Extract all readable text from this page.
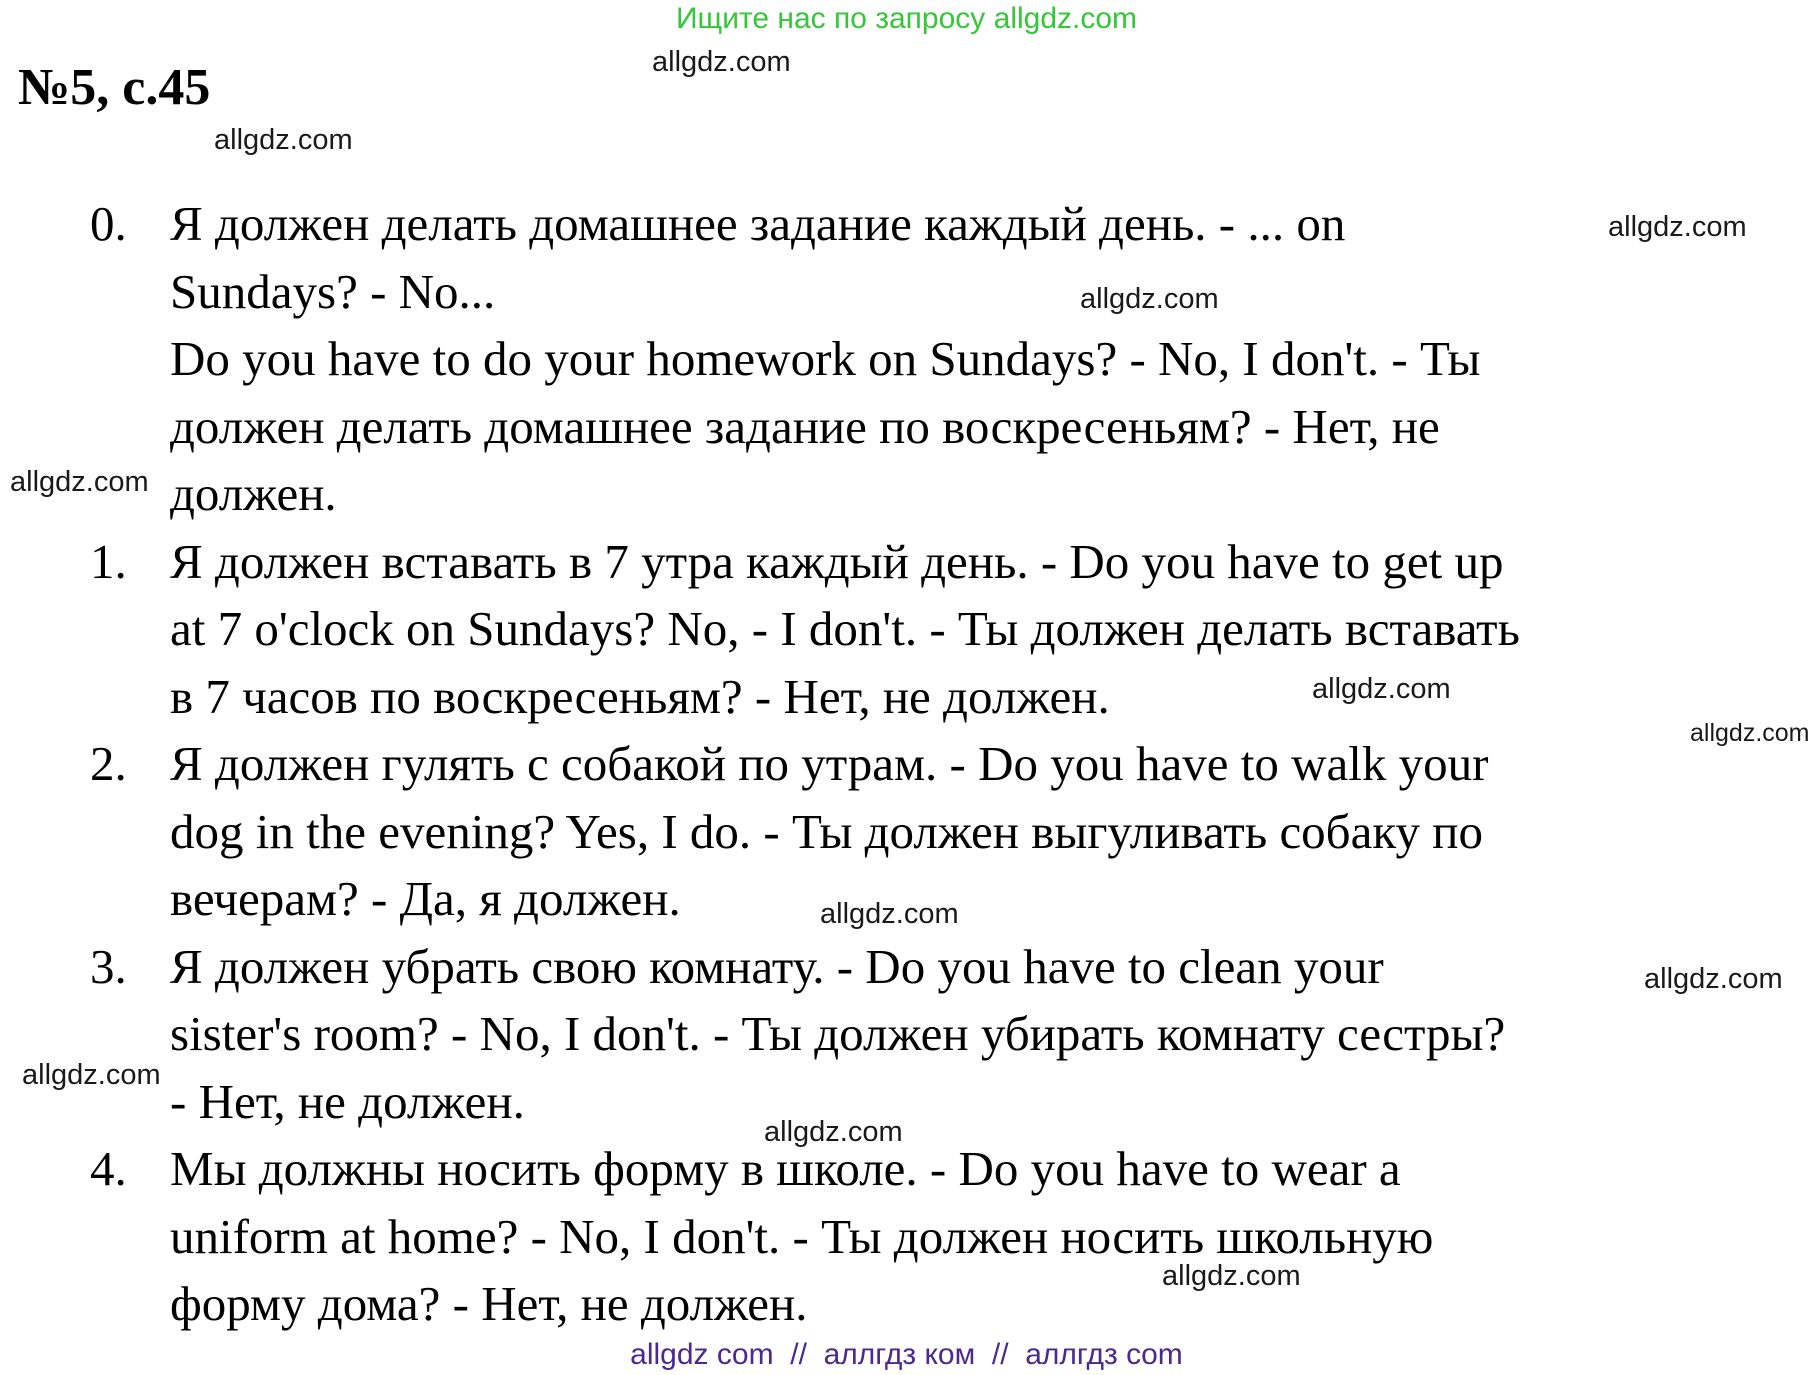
Ищите нас по запросу allgdz.com
№5, с.45	allgdz.com
allgdz.com
allgdz.com
allgdz.com
allgdz.com
allgdz.com
allgdz.com
allgdz.com
allgdz.com
allgdz.com
allgdz.com
allgdz.com
0. Я должен делать домашнее задание каждый день. - ... on
Sundays? - No...
Do you have to do your homework on Sundays? - No, I don't. - Ты
должен делать домашнее задание по воскресеньям? - Нет, не
должен.
1. Я должен вставать в 7 утра каждый день. - Do you have to get up
at 7 o'clock on Sundays? No, - I don't. - Ты должен делать вставать
в 7 часов по воскресеньям? - Нет, не должен.
2. Я должен гулять с собакой по утрам. - Do you have to walk your
dog in the evening? Yes, I do. - Ты должен выгуливать собаку по
вечерам? - Да, я должен.
3. Я должен убрать свою комнату. - Do you have to clean your
sister's room? - No, I don't. - Ты должен убирать комнату сестры?
- Нет, не должен.
4. Мы должны носить форму в школе. - Do you have to wear a
uniform at home? - No, I don't. - Ты должен носить школьную
форму дома? - Нет, не должен.
allgdz com  //  аллгдз ком  //  аллгдз com
